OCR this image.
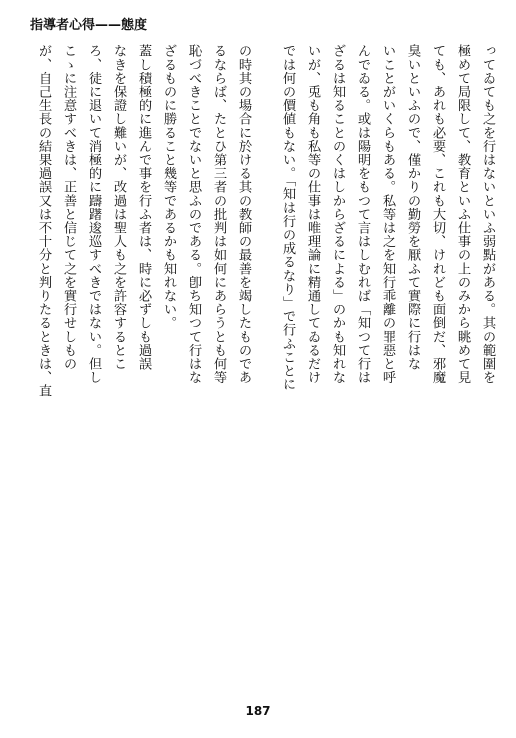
指導者心得——態度
ってゐても之を行はないといふ弱點がある。其の範圍を
極めて局限して、教育といふ仕事の上のみから眺めて見
ても、あれも必要、これも大切、けれども面倒だ、邪魔
臭いといふので、僅かりの勤勞を厭ふて實際に行はな
いことがいくらもある。私等は之を知行乖離の罪惡と呼
んでゐる。或は陽明をもつて言はしむれば「知つて行は
ざるは知ることのくはしからざるによる」のかも知れな
いが、兎も角も私等の仕事は唯理論に精通してゐるだけ
では何の價値もない。「知は行の成るなり」で行ふことに
の時其の場合に於ける其の教師の最善を竭したものであ
るならば、たとひ第三者の批判は如何にあらうとも何等
恥づべきことでないと思ふのである。卽ち知つて行はな
ざるものに勝ること幾等であるかも知れない。
蓋し積極的に進んで事を行ふ者は、時に必ずしも過誤
なきを保證し難いが、改過は聖人も之を許容するとこ
ろ、徒に退いて消極的に躊躇逡巡すべきではない。但し
こゝに注意すべきは、正善と信じて之を實行せしもの
が、自己生長の結果過誤又は不十分と判りたるときは、直
187
